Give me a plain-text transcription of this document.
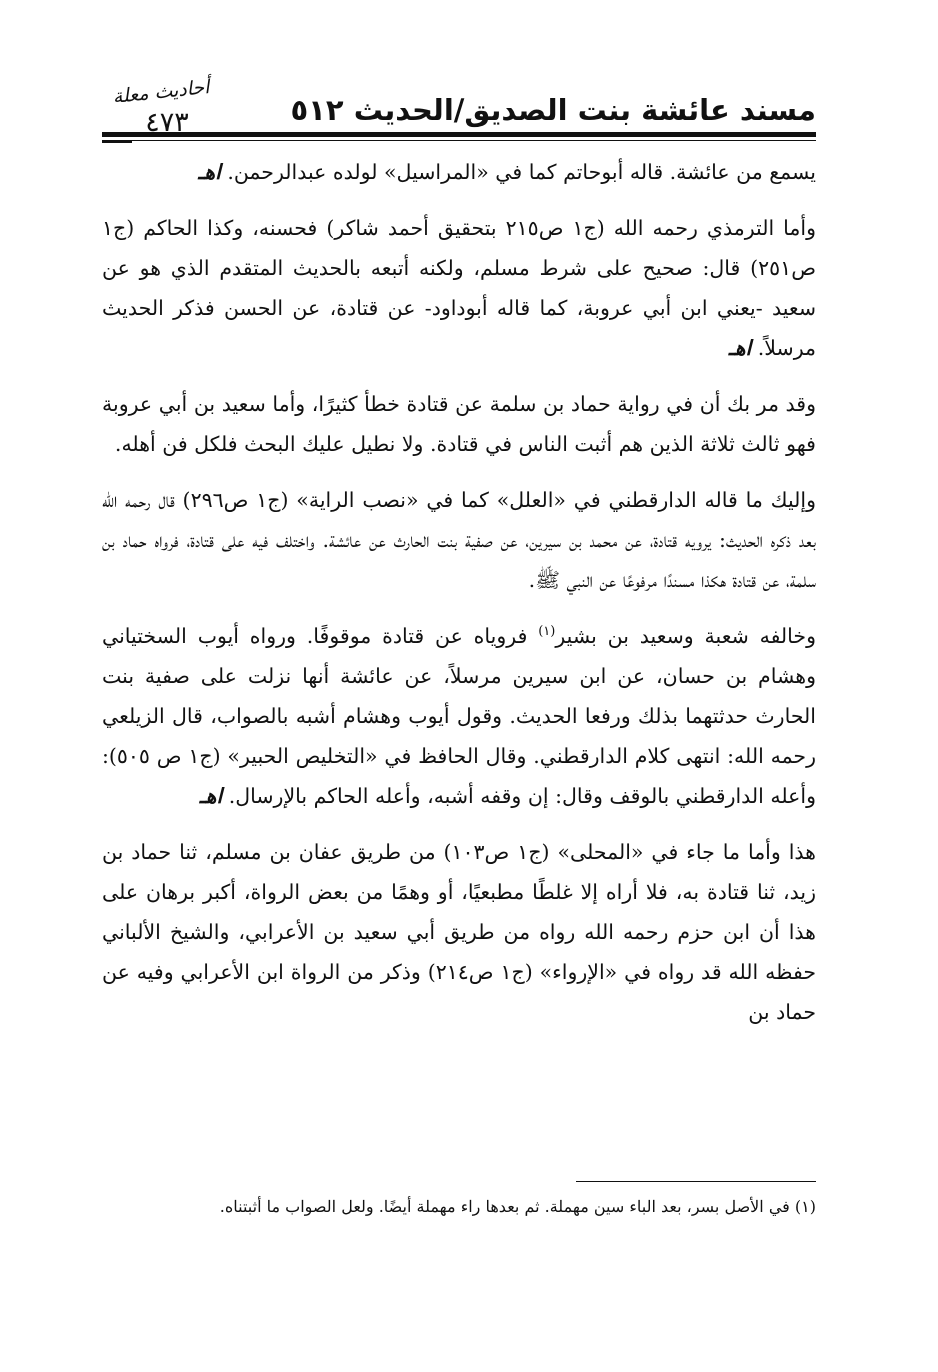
مسند عائشة بنت الصديق/الحديث ٥١٢
أحاديث معلة
٤٧٣

يسمع من عائشة. قاله أبوحاتم كما في «المراسيل» لولده عبدالرحمن. اهـ

وأما الترمذي رحمه الله (ج١ ص٢١٥ بتحقيق أحمد شاكر) فحسنه، وكذا الحاكم (ج١ ص٢٥١) قال: صحيح على شرط مسلم، ولكنه أتبعه بالحديث المتقدم الذي هو عن سعيد -يعني ابن أبي عروبة، كما قاله أبوداود- عن قتادة، عن الحسن فذكر الحديث مرسلاً. اهـ

وقد مر بك أن في رواية حماد بن سلمة عن قتادة خطأ كثيرًا، وأما سعيد بن أبي عروبة فهو ثالث ثلاثة الذين هم أثبت الناس في قتادة. ولا نطيل عليك البحث فلكل فن أهله.

وإليك ما قاله الدارقطني في «العلل» كما في «نصب الراية» (ج١ ص٢٩٦) قال رحمه الله بعد ذكره الحديث: يرويه قتادة، عن محمد بن سيرين، عن صفية بنت الحارث عن عائشة. واختلف فيه على قتادة، فرواه حماد بن سلمة، عن قتادة هكذا مسندًا مرفوعًا عن النبي ﷺ.

وخالفه شعبة وسعيد بن بشير$^{(١)}$ فروياه عن قتادة موقوفًا. ورواه أيوب السختياني وهشام بن حسان، عن ابن سيرين مرسلاً، عن عائشة أنها نزلت على صفية بنت الحارث حدثتهما بذلك ورفعا الحديث. وقول أيوب وهشام أشبه بالصواب، قال الزيلعي رحمه الله: انتهى كلام الدارقطني. وقال الحافظ في «التخليص الحبير» (ج١ ص ٥٠٥): وأعله الدارقطني بالوقف وقال: إن وقفه أشبه، وأعله الحاكم بالإرسال. اهـ

هذا وأما ما جاء في «المحلى» (ج١ ص١٠٣) من طريق عفان بن مسلم، ثنا حماد بن زيد، ثنا قتادة به، فلا أراه إلا غلطًا مطبعيًا، أو وهمًا من بعض الرواة، أكبر برهان على هذا أن ابن حزم رحمه الله رواه من طريق أبي سعيد بن الأعرابي، والشيخ الألباني حفظه الله قد رواه في «الإرواء» (ج١ ص٢١٤) وذكر من الرواة ابن الأعرابي وفيه عن حماد بن

(١) في الأصل بسر، بعد الباء سين مهملة. ثم بعدها راء مهملة أيضًا. ولعل الصواب ما أثبتناه.
